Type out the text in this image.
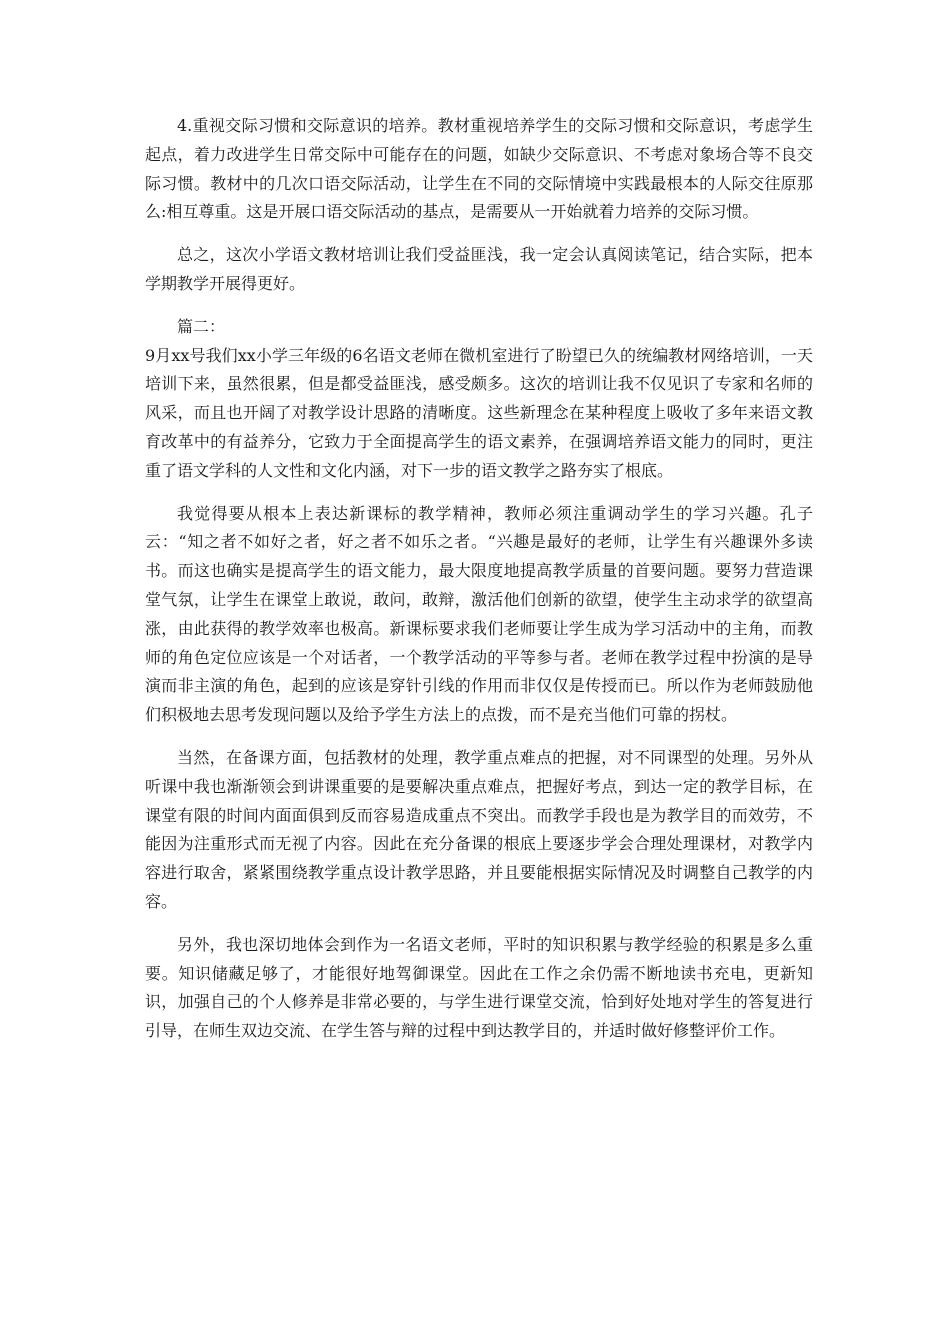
4.重视交际习惯和交际意识的培养。教材重视培养学生的交际习惯和交际意识，考虑学生起点，着力改进学生日常交际中可能存在的问题，如缺少交际意识、不考虑对象场合等不良交际习惯。教材中的几次口语交际活动，让学生在不同的交际情境中实践最根本的人际交往原那么:相互尊重。这是开展口语交际活动的基点，是需要从一开始就着力培养的交际习惯。

总之，这次小学语文教材培训让我们受益匪浅，我一定会认真阅读笔记，结合实际，把本学期教学开展得更好。

篇二：

9月xx号我们xx小学三年级的6名语文老师在微机室进行了盼望已久的统编教材网络培训，一天培训下来，虽然很累，但是都受益匪浅，感受颇多。这次的培训让我不仅见识了专家和名师的风采，而且也开阔了对教学设计思路的清晰度。这些新理念在某种程度上吸收了多年来语文教育改革中的有益养分，它致力于全面提高学生的语文素养，在强调培养语文能力的同时，更注重了语文学科的人文性和文化内涵，对下一步的语文教学之路夯实了根底。

我觉得要从根本上表达新课标的教学精神，教师必须注重调动学生的学习兴趣。孔子云：“知之者不如好之者，好之者不如乐之者。“兴趣是最好的老师，让学生有兴趣课外多读书。而这也确实是提高学生的语文能力，最大限度地提高教学质量的首要问题。要努力营造课 堂气氛，让学生在课堂上敢说，敢问，敢辩，激活他们创新的欲望，使学生主动求学的欲望高涨，由此获得的教学效率也极高。新课标要求我们老师要让学生成为学习活动中的主角，而教师的角色定位应该是一个对话者，一个教学活动的平等参与者。老师在教学过程中扮演的是导演而非主演的角色，起到的应该是穿针引线的作用而非仅仅是传授而已。所以作为老师鼓励他们积极地去思考发现问题以及给予学生方法上的点拨，而不是充当他们可靠的拐杖。

当然，在备课方面，包括教材的处理，教学重点难点的把握，对不同课型的处理。另外从听课中我也渐渐领会到讲课重要的是要解决重点难点，把握好考点，到达一定的教学目标，在课堂有限的时间内面面俱到反而容易造成重点不突出。而教学手段也是为教学目的而效劳，不能因为注重形式而无视了内容。因此在充分备课的根底上要逐步学会合理处理课材，对教学内容进行取舍，紧紧围绕教学重点设计教学思路，并且要能根据实际情况及时调整自己教学的内容。

另外，我也深切地体会到作为一名语文老师，平时的知识积累与教学经验的积累是多么重要。知识储藏足够了，才能很好地驾御课堂。因此在工作之余仍需不断地读书充电，更新知识，加强自己的个人修养是非常必要的，与学生进行课堂交流，恰到好处地对学生的答复进行引导，在师生双边交流、在学生答与辩的过程中到达教学目的，并适时做好修整评价工作。
